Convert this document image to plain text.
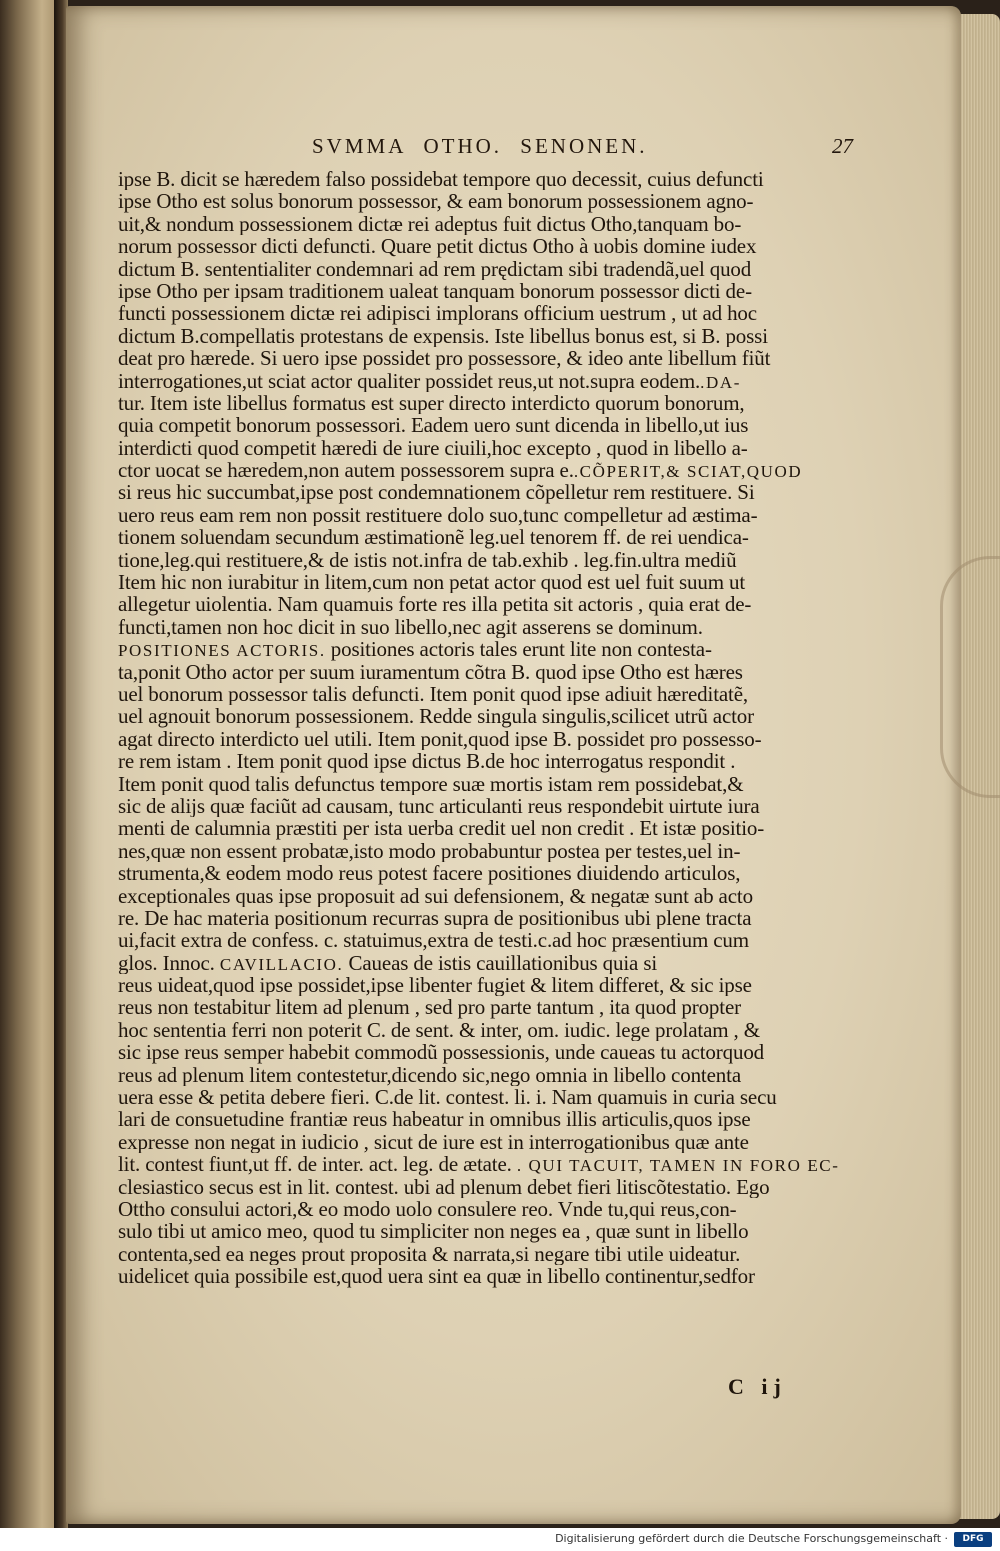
SVMMA OTHO. SENONEN.	27
ipse B. dicit se hæredem falso possidebat tempore quo decessit, cuius defuncti
ipse Otho est solus bonorum possessor, & eam bonorum possessionem agno-
uit,& nondum possessionem dictæ rei adeptus fuit dictus Otho,tanquam bo-
norum possessor dicti defuncti. Quare petit dictus Otho à uobis domine iudex
dictum B. sententialiter condemnari ad rem prędictam sibi tradendã,uel quod
ipse Otho per ipsam traditionem ualeat tanquam bonorum possessor dicti de-
functi possessionem dictæ rei adipisci implorans officium uestrum , ut ad hoc
dictum B.compellatis protestans de expensis. Iste libellus bonus est, si B. possi
deat pro hærede. Si uero ipse possidet pro possessore, & ideo ante libellum fiũt
interrogationes,ut sciat actor qualiter possidet reus,ut not.supra eodem..DA-
tur. Item iste libellus formatus est super directo interdicto quorum bonorum,
quia competit bonorum possessori. Eadem uero sunt dicenda in libello,ut ius
interdicti quod competit hæredi de iure ciuili,hoc excepto , quod in libello a-
ctor uocat se hæredem,non autem possessorem supra e..CÕPERIT,& SCIAT,QUOD
si reus hic succumbat,ipse post condemnationem cõpelletur rem restituere. Si
uero reus eam rem non possit restituere dolo suo,tunc compelletur ad æstima-
tionem soluendam secundum æstimationẽ leg.uel tenorem ff. de rei uendica-
tione,leg.qui restituere,& de istis not.infra de tab.exhib . leg.fin.ultra mediũ
Item hic non iurabitur in litem,cum non petat actor quod est uel fuit suum ut
allegetur uiolentia. Nam quamuis forte res illa petita sit actoris , quia erat de-
functi,tamen non hoc dicit in suo libello,nec agit asserens se dominum.
POSITIONES ACTORIS. positiones actoris tales erunt lite non contesta-
ta,ponit Otho actor per suum iuramentum cõtra B. quod ipse Otho est hæres
uel bonorum possessor talis defuncti. Item ponit quod ipse adiuit hæreditatẽ,
uel agnouit bonorum possessionem. Redde singula singulis,scilicet utrũ actor
agat directo interdicto uel utili. Item ponit,quod ipse B. possidet pro possesso-
re rem istam . Item ponit quod ipse dictus B.de hoc interrogatus respondit .
Item ponit quod talis defunctus tempore suæ mortis istam rem possidebat,&
sic de alijs quæ faciũt ad causam, tunc articulanti reus respondebit uirtute iura
menti de calumnia præstiti per ista uerba credit uel non credit . Et istæ positio-
nes,quæ non essent probatæ,isto modo probabuntur postea per testes,uel in-
strumenta,& eodem modo reus potest facere positiones diuidendo articulos,
exceptionales quas ipse proposuit ad sui defensionem, & negatæ sunt ab acto
re. De hac materia positionum recurras supra de positionibus ubi plene tracta
ui,facit extra de confess. c. statuimus,extra de testi.c.ad hoc præsentium cum
glos. Innoc. CAVILLACIO. Caueas de istis cauillationibus quia si
reus uideat,quod ipse possidet,ipse libenter fugiet & litem differet, & sic ipse
reus non testabitur litem ad plenum , sed pro parte tantum , ita quod propter
hoc sententia ferri non poterit C. de sent. & inter, om. iudic. lege prolatam , &
sic ipse reus semper habebit commodũ possessionis, unde caueas tu actorquod
reus ad plenum litem contestetur,dicendo sic,nego omnia in libello contenta
uera esse & petita debere fieri. C.de lit. contest. li. i. Nam quamuis in curia secu
lari de consuetudine frantiæ reus habeatur in omnibus illis articulis,quos ipse
expresse non negat in iudicio , sicut de iure est in interrogationibus quæ ante
lit. contest fiunt,ut ff. de inter. act. leg. de ætate. . QUI TACUIT, TAMEN IN FORO EC-
clesiastico secus est in lit. contest. ubi ad plenum debet fieri litiscõtestatio. Ego
Ottho consului actori,& eo modo uolo consulere reo. Vnde tu,qui reus,con-
sulo tibi ut amico meo, quod tu simpliciter non neges ea , quæ sunt in libello
contenta,sed ea neges prout proposita & narrata,si negare tibi utile uideatur.
uidelicet quia possibile est,quod uera sint ea quæ in libello continentur,sedfor
C ij
Digitalisierung gefördert durch die Deutsche Forschungsgemeinschaft ·	DFG
